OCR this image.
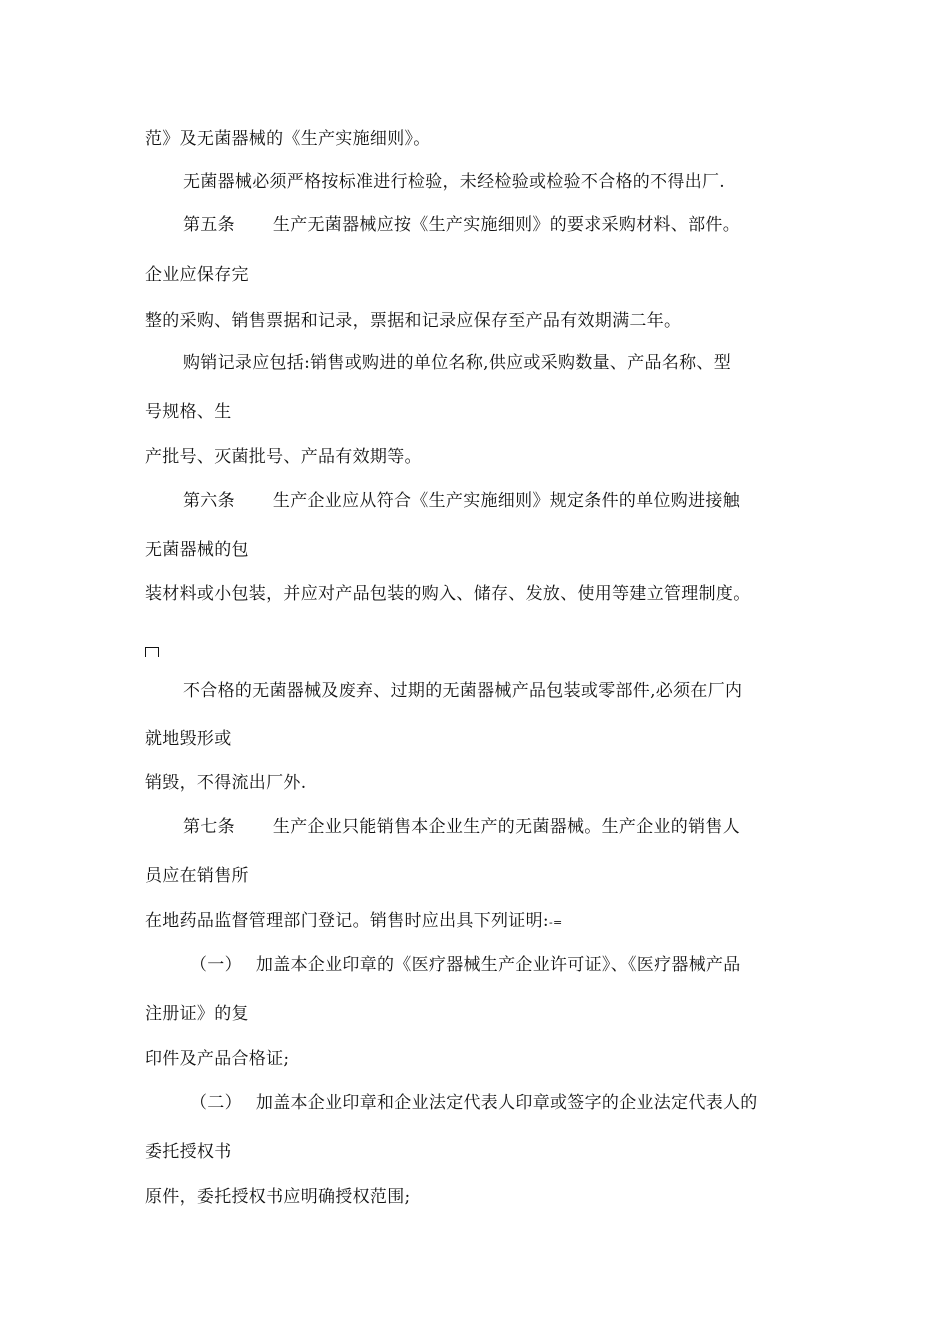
范》及无菌器械的《生产实施细则》。
无菌器械必须严格按标准进行检验，未经检验或检验不合格的不得出厂.
第五条 生产无菌器械应按《生产实施细则》的要求采购材料、部件。
企业应保存完
整的采购、销售票据和记录，票据和记录应保存至产品有效期满二年。
购销记录应包括:销售或购进的单位名称,供应或采购数量、产品名称、型
号规格、生
产批号、灭菌批号、产品有效期等。
第六条 生产企业应从符合《生产实施细则》规定条件的单位购进接触
无菌器械的包
装材料或小包装，并应对产品包装的购入、储存、发放、使用等建立管理制度。
不合格的无菌器械及废弃、过期的无菌器械产品包装或零部件,必须在厂内
就地毁形或
销毁，不得流出厂外.
第七条 生产企业只能销售本企业生产的无菌器械。生产企业的销售人
员应在销售所
在地药品监督管理部门登记。销售时应出具下列证明:-=
（一） 加盖本企业印章的《医疗器械生产企业许可证》、《医疗器械产品
注册证》的复
印件及产品合格证;
（二） 加盖本企业印章和企业法定代表人印章或签字的企业法定代表人的
委托授权书
原件，委托授权书应明确授权范围;
